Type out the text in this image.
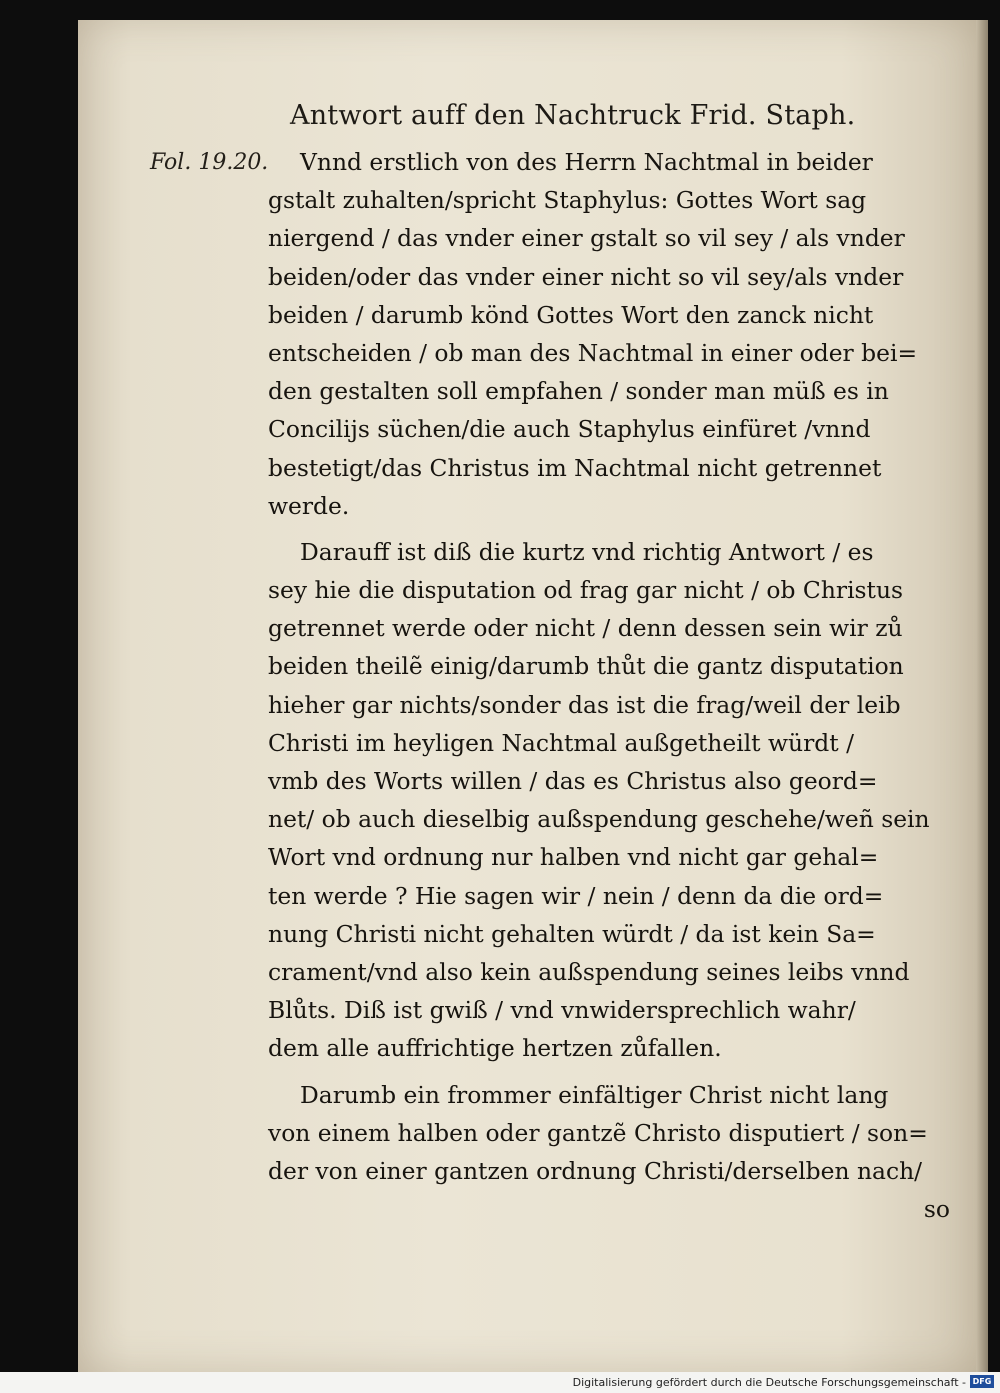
Antwort auff den Nachtruck Frid. Staph.
Fol. 19.20.	Vnnd erstlich von des Herrn Nachtmal in beider
gstalt zuhalten/spricht Staphylus: Gottes Wort sag
niergend / das vnder einer gstalt so vil sey / als vnder
beiden/oder das vnder einer nicht so vil sey/als vnder
beiden / darumb könd Gottes Wort den zanck nicht
entscheiden / ob man des Nachtmal in einer oder bei=
den gestalten soll empfahen / sonder man müß es in
Concilijs süchen/die auch Staphylus einfüret /vnnd
bestetigt/das Christus im Nachtmal nicht getrennet
werde.
Darauff ist diß die kurtz vnd richtig Antwort / es
sey hie die disputation od frag gar nicht / ob Christus
getrennet werde oder nicht / denn dessen sein wir zů
beiden theilẽ einig/darumb thůt die gantz disputation
hieher gar nichts/sonder das ist die frag/weil der leib
Christi im heyligen Nachtmal außgetheilt würdt /
vmb des Worts willen / das es Christus also geord=
net/ ob auch dieselbig außspendung geschehe/weñ sein
Wort vnd ordnung nur halben vnd nicht gar gehal=
ten werde ? Hie sagen wir / nein / denn da die ord=
nung Christi nicht gehalten würdt / da ist kein Sa=
crament/vnd also kein außspendung seines leibs vnnd
Blůts. Diß ist gwiß / vnd vnwidersprechlich wahr/
dem alle auffrichtige hertzen zůfallen.
Darumb ein frommer einfältiger Christ nicht lang
von einem halben oder gantzẽ Christo disputiert / son=
der von einer gantzen ordnung Christi/derselben nach/
so
Digitalisierung gefördert durch die Deutsche Forschungsgemeinschaft - DFG
